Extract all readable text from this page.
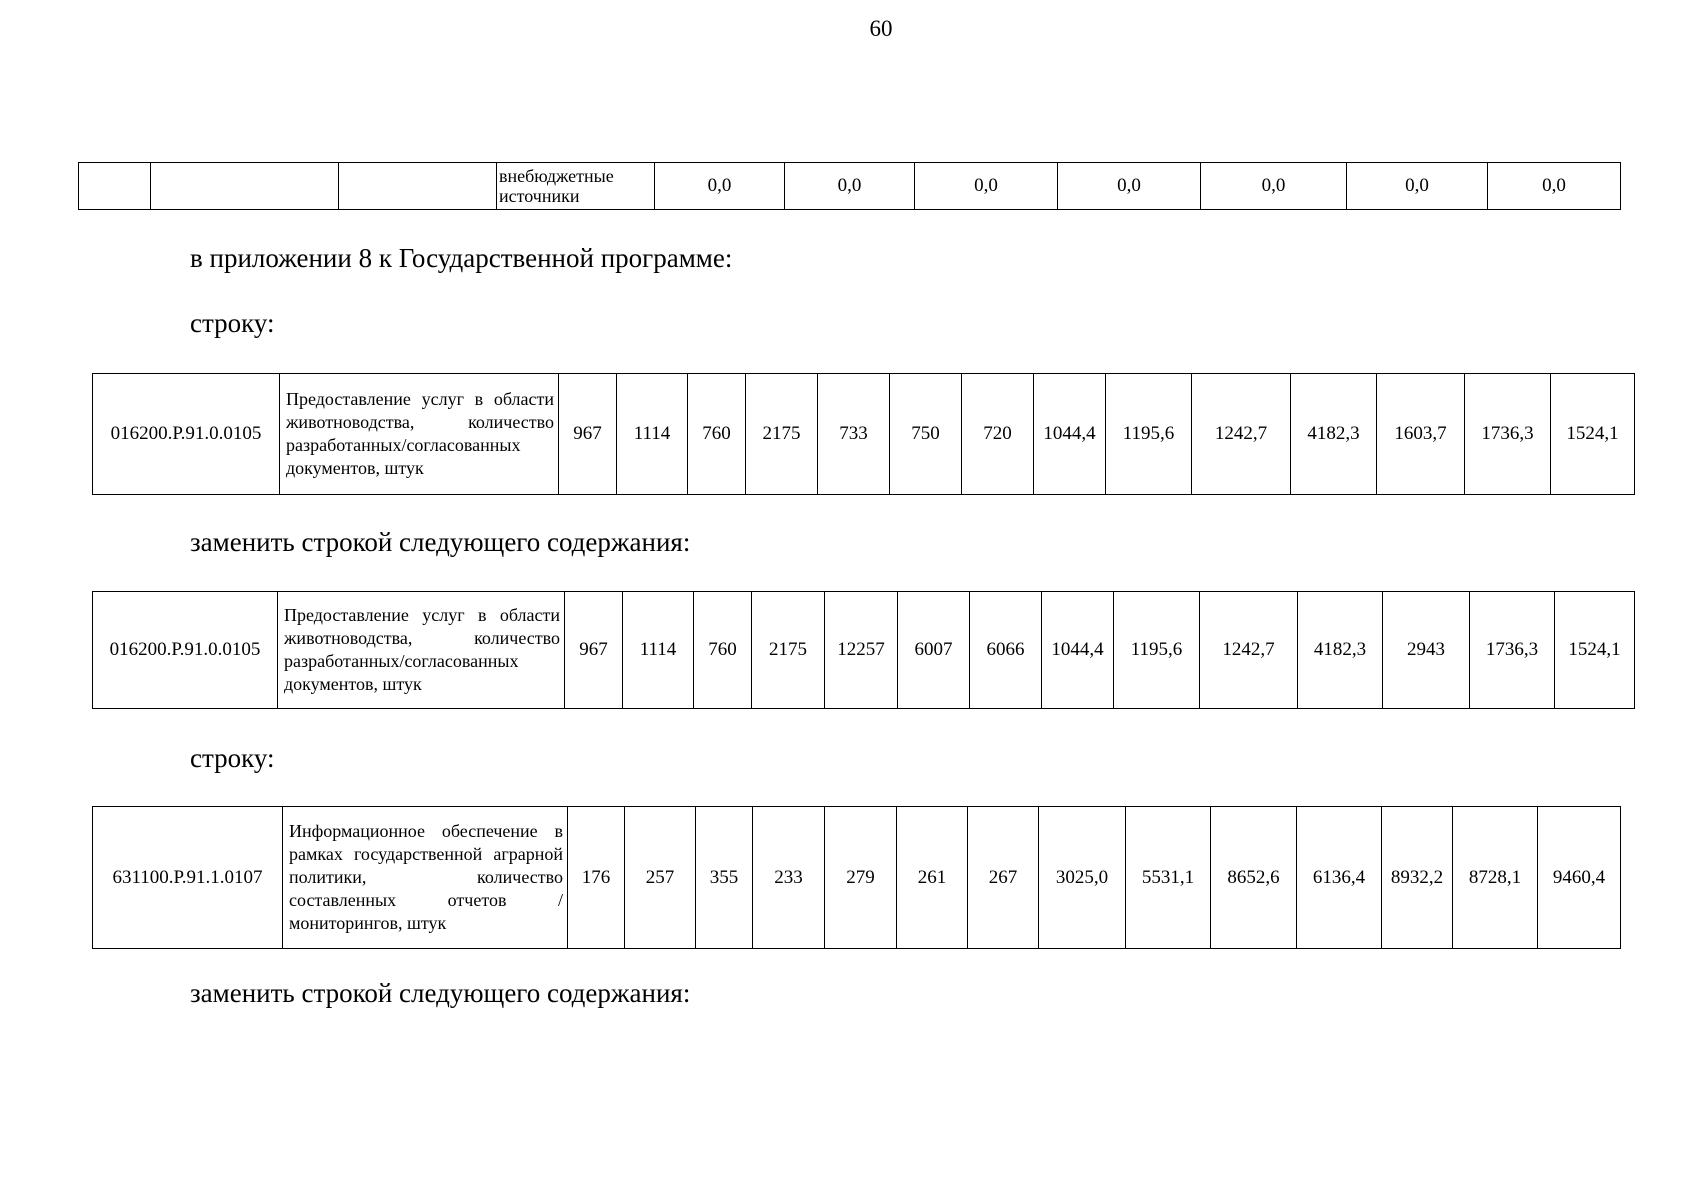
60
			внебюджетные источники	0,0	0,0	0,0	0,0	0,0	0,0	0,0
в приложении 8 к Государственной программе:
строку:
016200.Р.91.0.0105	Предоставление услуг в области животноводства, количество разработанных/согласованных документов, штук	967	1114	760	2175	733	750	720	1044,4	1195,6	1242,7	4182,3	1603,7	1736,3	1524,1
заменить строкой следующего содержания:
016200.Р.91.0.0105	Предоставление услуг в области животноводства, количество разработанных/согласованных документов, штук	967	1114	760	2175	12257	6007	6066	1044,4	1195,6	1242,7	4182,3	2943	1736,3	1524,1
строку:
631100.Р.91.1.0107	Информационное обеспечение в рамках государственной аграрной политики, количество составленных отчетов / мониторингов, штук	176	257	355	233	279	261	267	3025,0	5531,1	8652,6	6136,4	8932,2	8728,1	9460,4
заменить строкой следующего содержания:
